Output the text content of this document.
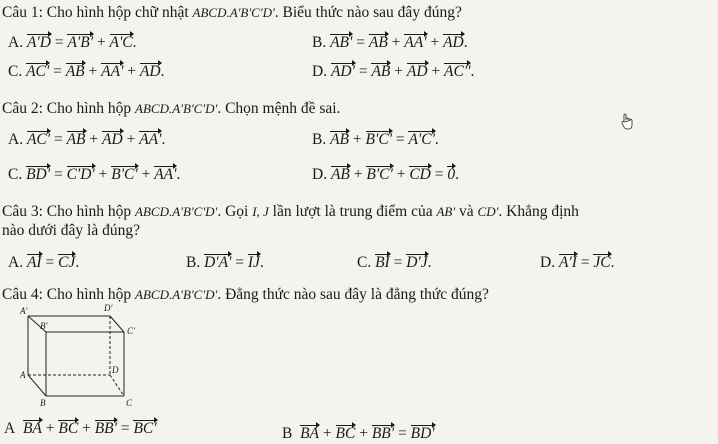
Câu 1: Cho hình hộp chữ nhật ABCD.A'B'C'D'. Biểu thức nào sau đây đúng?
A. A'D = A'B' + A'C.	B. AB' = AB + AA' + AD.
C. AC' = AB + AA' + AD.	D. AD' = AB + AD + AC''.
Câu 2: Cho hình hộp ABCD.A'B'C'D'. Chọn mệnh đề sai.
A. AC' = AB + AD + AA'.	B. AB + B'C' = A'C'.
C. BD' = C'D' + B'C' + AA'.	D. AB + B'C' + CD = 0.
Câu 3: Cho hình hộp ABCD.A'B'C'D'. Gọi I, J lần lượt là trung điểm của AB' và CD'. Khẳng định
nào dưới đây là đúng?
A. AI = CJ.	B. D'A' = IJ.	C. BI = D'J.	D. A'I = JC.
Câu 4: Cho hình hộp ABCD.A'B'C'D'. Đẳng thức nào sau đây là đẳng thức đúng?
A'	D'
B'	C'
A	D
B	C
A BA + BC + BB' = BC'	B BA + BC + BB' = BD'
